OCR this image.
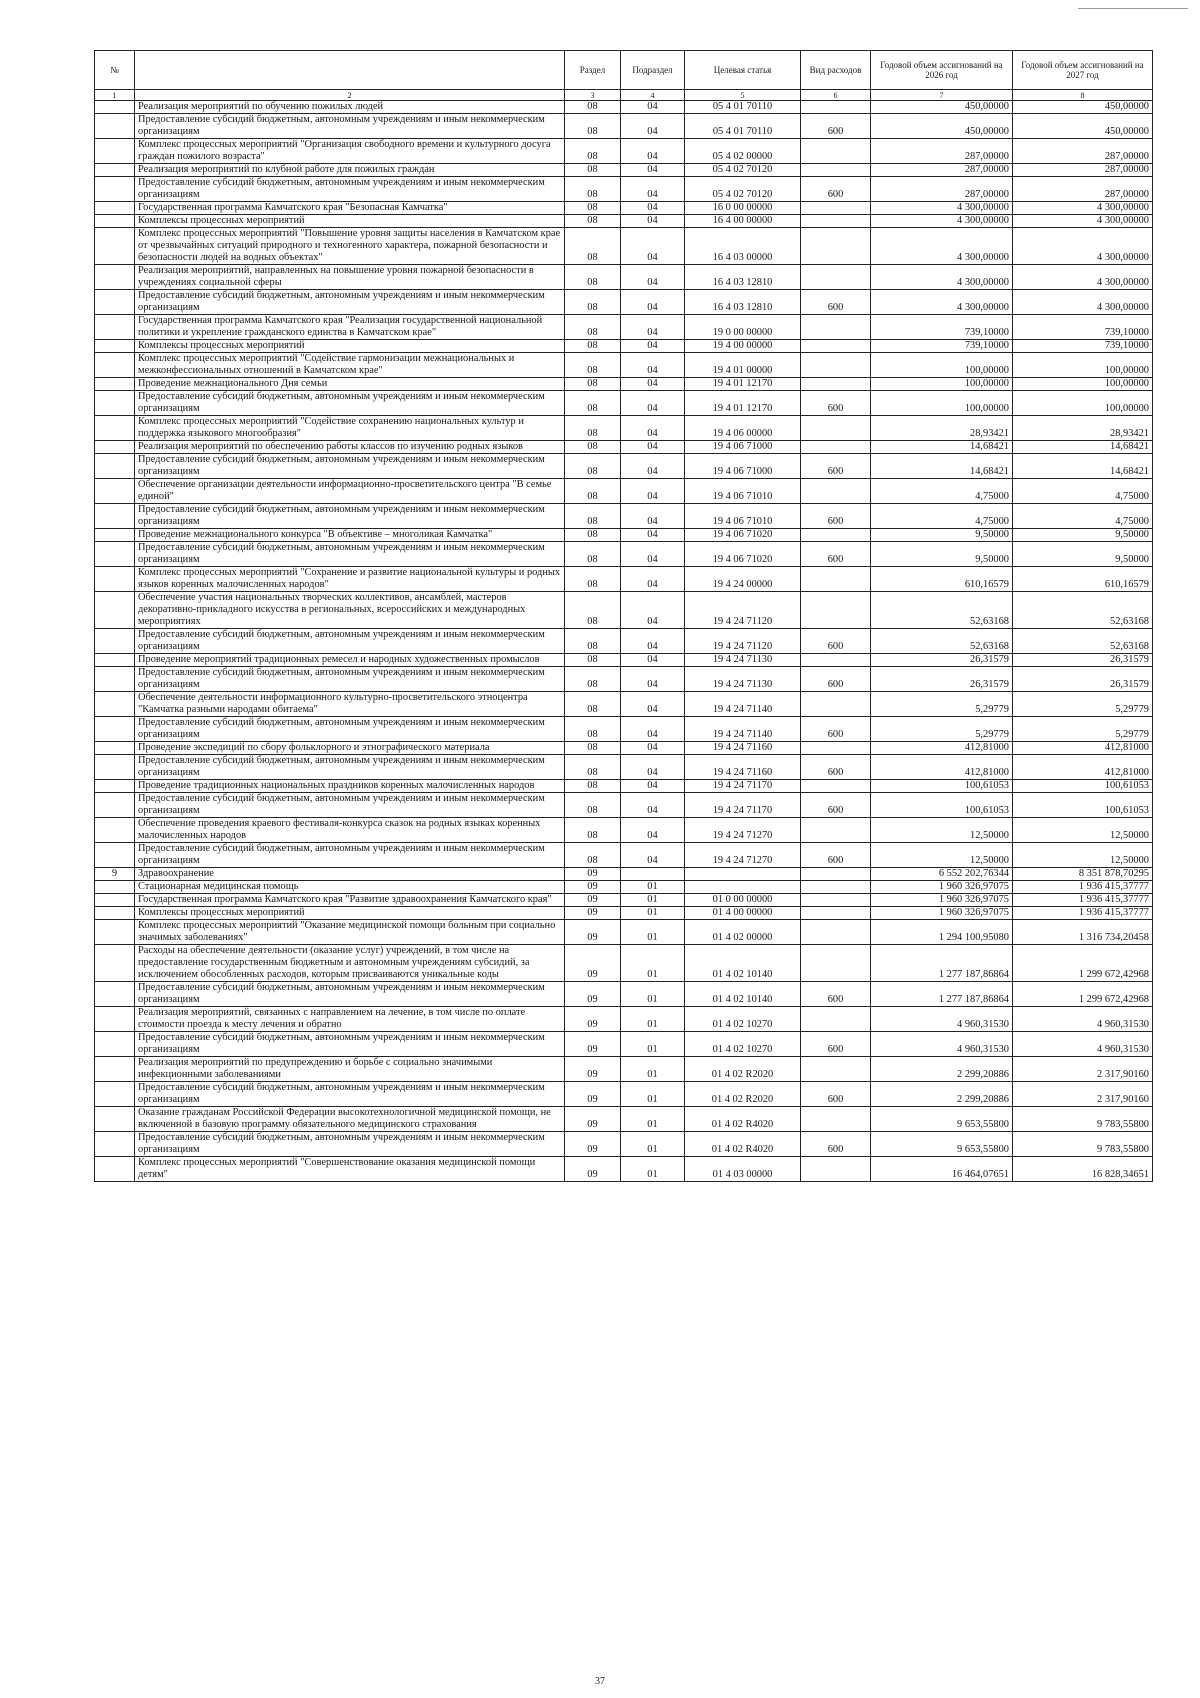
№		Раздел	Подраздел	Целевая статья	Вид расходов	Годовой объем ассигнований на 2026 год	Годовой объем ассигнований на 2027 год
1	2	3	4	5	6	7	8
	Реализация мероприятий по обучению пожилых людей	08	04	05 4 01 70110		450,00000	450,00000
	Предоставление субсидий бюджетным, автономным учреждениям и иным некоммерческим организациям	08	04	05 4 01 70110	600	450,00000	450,00000
	Комплекс процессных мероприятий "Организация свободного времени и культурного досуга граждан пожилого возраста"	08	04	05 4 02 00000		287,00000	287,00000
	Реализация мероприятий по клубной работе для пожилых граждан	08	04	05 4 02 70120		287,00000	287,00000
	Предоставление субсидий бюджетным, автономным учреждениям и иным некоммерческим организациям	08	04	05 4 02 70120	600	287,00000	287,00000
	Государственная программа Камчатского края "Безопасная Камчатка"	08	04	16 0 00 00000		4 300,00000	4 300,00000
	Комплексы процессных мероприятий	08	04	16 4 00 00000		4 300,00000	4 300,00000
	Комплекс процессных мероприятий "Повышение уровня защиты населения в Камчатском крае от чрезвычайных ситуаций природного и техногенного характера, пожарной безопасности и безопасности людей на водных объектах"	08	04	16 4 03 00000		4 300,00000	4 300,00000
	Реализация мероприятий, направленных на повышение уровня пожарной безопасности в учреждениях социальной сферы	08	04	16 4 03 12810		4 300,00000	4 300,00000
	Предоставление субсидий бюджетным, автономным учреждениям и иным некоммерческим организациям	08	04	16 4 03 12810	600	4 300,00000	4 300,00000
	Государственная программа Камчатского края "Реализация государственной национальной политики и укрепление гражданского единства в Камчатском крае"	08	04	19 0 00 00000		739,10000	739,10000
	Комплексы процессных мероприятий	08	04	19 4 00 00000		739,10000	739,10000
	Комплекс процессных мероприятий "Содействие гармонизации межнациональных и межконфессиональных отношений в Камчатском крае"	08	04	19 4 01 00000		100,00000	100,00000
	Проведение межнационального Дня семьи	08	04	19 4 01 12170		100,00000	100,00000
	Предоставление субсидий бюджетным, автономным учреждениям и иным некоммерческим организациям	08	04	19 4 01 12170	600	100,00000	100,00000
	Комплекс процессных мероприятий "Содействие сохранению национальных культур и поддержка языкового многообразия"	08	04	19 4 06 00000		28,93421	28,93421
	Реализация мероприятий по обеспечению работы классов по изучению родных языков	08	04	19 4 06 71000		14,68421	14,68421
	Предоставление субсидий бюджетным, автономным учреждениям и иным некоммерческим организациям	08	04	19 4 06 71000	600	14,68421	14,68421
	Обеспечение организации деятельности информационно-просветительского центра "В семье единой"	08	04	19 4 06 71010		4,75000	4,75000
	Предоставление субсидий бюджетным, автономным учреждениям и иным некоммерческим организациям	08	04	19 4 06 71010	600	4,75000	4,75000
	Проведение межнационального конкурса "В объективе – многоликая Камчатка"	08	04	19 4 06 71020		9,50000	9,50000
	Предоставление субсидий бюджетным, автономным учреждениям и иным некоммерческим организациям	08	04	19 4 06 71020	600	9,50000	9,50000
	Комплекс процессных мероприятий "Сохранение и развитие национальной культуры и родных языков коренных малочисленных народов"	08	04	19 4 24 00000		610,16579	610,16579
	Обеспечение участия национальных творческих коллективов, ансамблей, мастеров декоративно-прикладного искусства в региональных, всероссийских и международных мероприятиях	08	04	19 4 24 71120		52,63168	52,63168
	Предоставление субсидий бюджетным, автономным учреждениям и иным некоммерческим организациям	08	04	19 4 24 71120	600	52,63168	52,63168
	Проведение мероприятий традиционных ремесел и народных художественных промыслов	08	04	19 4 24 71130		26,31579	26,31579
	Предоставление субсидий бюджетным, автономным учреждениям и иным некоммерческим организациям	08	04	19 4 24 71130	600	26,31579	26,31579
	Обеспечение деятельности информационного культурно-просветительского этноцентра "Камчатка разными народами обитаема"	08	04	19 4 24 71140		5,29779	5,29779
	Предоставление субсидий бюджетным, автономным учреждениям и иным некоммерческим организациям	08	04	19 4 24 71140	600	5,29779	5,29779
	Проведение экспедиций по сбору фольклорного и этнографического материала	08	04	19 4 24 71160		412,81000	412,81000
	Предоставление субсидий бюджетным, автономным учреждениям и иным некоммерческим организациям	08	04	19 4 24 71160	600	412,81000	412,81000
	Проведение традиционных национальных праздников коренных малочисленных народов	08	04	19 4 24 71170		100,61053	100,61053
	Предоставление субсидий бюджетным, автономным учреждениям и иным некоммерческим организациям	08	04	19 4 24 71170	600	100,61053	100,61053
	Обеспечение проведения краевого фестиваля-конкурса сказок на родных языках коренных малочисленных народов	08	04	19 4 24 71270		12,50000	12,50000
	Предоставление субсидий бюджетным, автономным учреждениям и иным некоммерческим организациям	08	04	19 4 24 71270	600	12,50000	12,50000
9	Здравоохранение	09				6 552 202,76344	8 351 878,70295
	Стационарная медицинская помощь	09	01			1 960 326,97075	1 936 415,37777
	Государственная программа Камчатского края "Развитие здравоохранения Камчатского края"	09	01	01 0 00 00000		1 960 326,97075	1 936 415,37777
	Комплексы процессных мероприятий	09	01	01 4 00 00000		1 960 326,97075	1 936 415,37777
	Комплекс процессных мероприятий "Оказание медицинской помощи больным при социально значимых заболеваниях"	09	01	01 4 02 00000		1 294 100,95080	1 316 734,20458
	Расходы на обеспечение деятельности (оказание услуг) учреждений, в том числе на предоставление государственным бюджетным и автономным учреждениям субсидий, за исключением обособленных расходов, которым присваиваются уникальные коды	09	01	01 4 02 10140		1 277 187,86864	1 299 672,42968
	Предоставление субсидий бюджетным, автономным учреждениям и иным некоммерческим организациям	09	01	01 4 02 10140	600	1 277 187,86864	1 299 672,42968
	Реализация мероприятий, связанных с направлением на лечение, в том числе по оплате стоимости проезда к месту лечения и обратно	09	01	01 4 02 10270		4 960,31530	4 960,31530
	Предоставление субсидий бюджетным, автономным учреждениям и иным некоммерческим организациям	09	01	01 4 02 10270	600	4 960,31530	4 960,31530
	Реализация мероприятий по предупреждению и борьбе с социально значимыми инфекционными заболеваниями	09	01	01 4 02 R2020		2 299,20886	2 317,90160
	Предоставление субсидий бюджетным, автономным учреждениям и иным некоммерческим организациям	09	01	01 4 02 R2020	600	2 299,20886	2 317,90160
	Оказание гражданам Российской Федерации высокотехнологичной медицинской помощи, не включенной в базовую программу обязательного медицинского страхования	09	01	01 4 02 R4020		9 653,55800	9 783,55800
	Предоставление субсидий бюджетным, автономным учреждениям и иным некоммерческим организациям	09	01	01 4 02 R4020	600	9 653,55800	9 783,55800
	Комплекс процессных мероприятий "Совершенствование оказания медицинской помощи детям"	09	01	01 4 03 00000		16 464,07651	16 828,34651
37
